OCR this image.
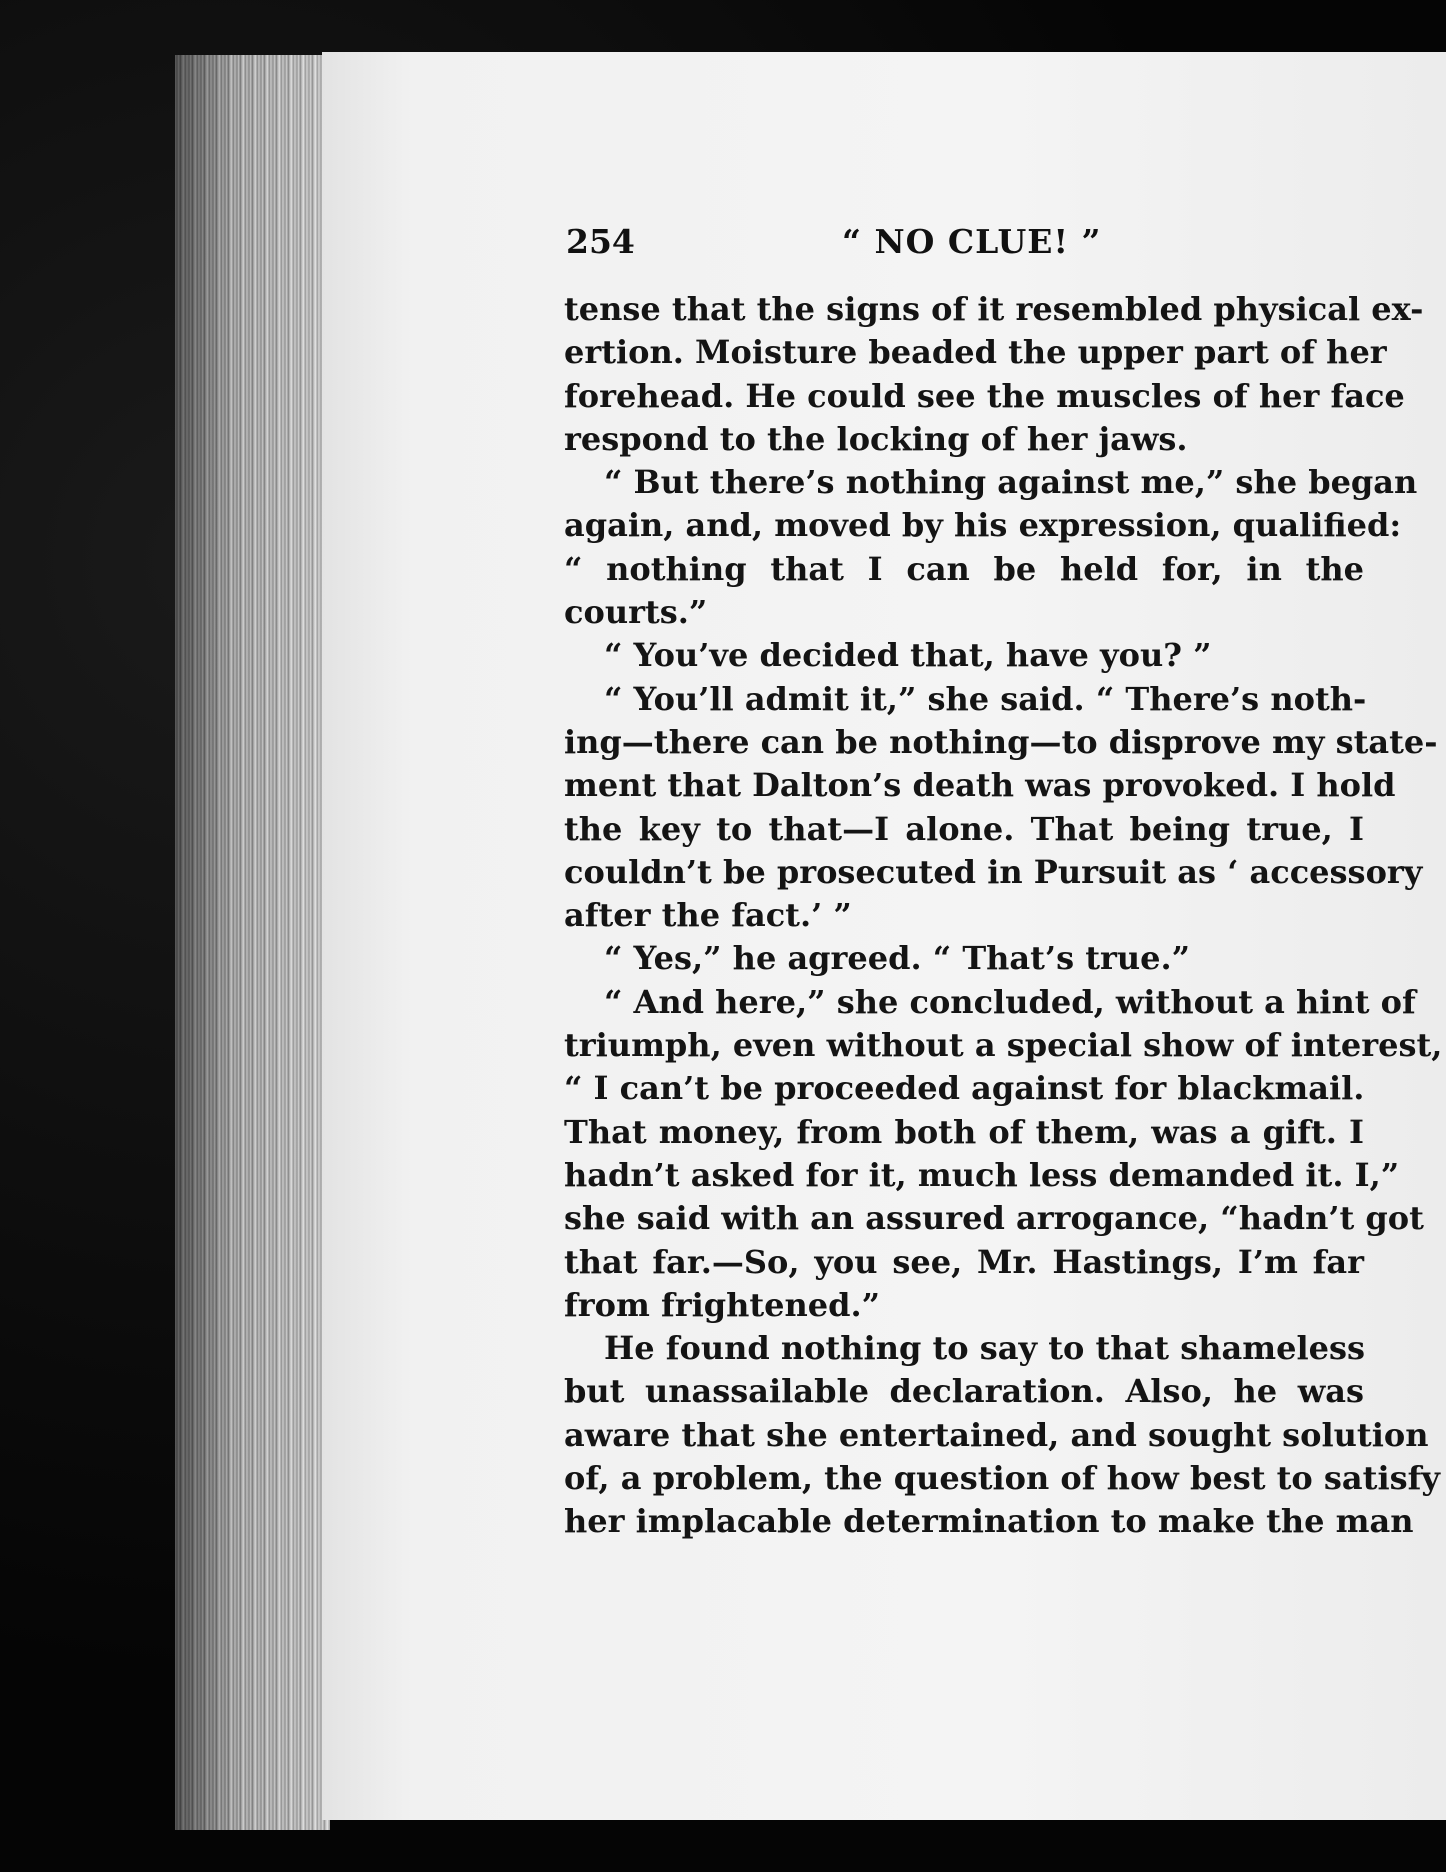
254	“ NO CLUE! ”
tense that the signs of it resembled physical ex-
ertion. Moisture beaded the upper part of her
forehead. He could see the muscles of her face
respond to the locking of her jaws.
“ But there’s nothing against me,” she began
again, and, moved by his expression, qualified:
“ nothing that I can be held for, in the
courts.”
“ You’ve decided that, have you? ”
“ You’ll admit it,” she said. “ There’s noth-
ing—there can be nothing—to disprove my state-
ment that Dalton’s death was provoked. I hold
the key to that—I alone. That being true, I
couldn’t be prosecuted in Pursuit as ‘ accessory
after the fact.’ ”
“ Yes,” he agreed. “ That’s true.”
“ And here,” she concluded, without a hint of
triumph, even without a special show of interest,
“ I can’t be proceeded against for blackmail.
That money, from both of them, was a gift. I
hadn’t asked for it, much less demanded it. I,”
she said with an assured arrogance, “hadn’t got
that far.—So, you see, Mr. Hastings, I’m far
from frightened.”
He found nothing to say to that shameless
but unassailable declaration. Also, he was
aware that she entertained, and sought solution
of, a problem, the question of how best to satisfy
her implacable determination to make the man
